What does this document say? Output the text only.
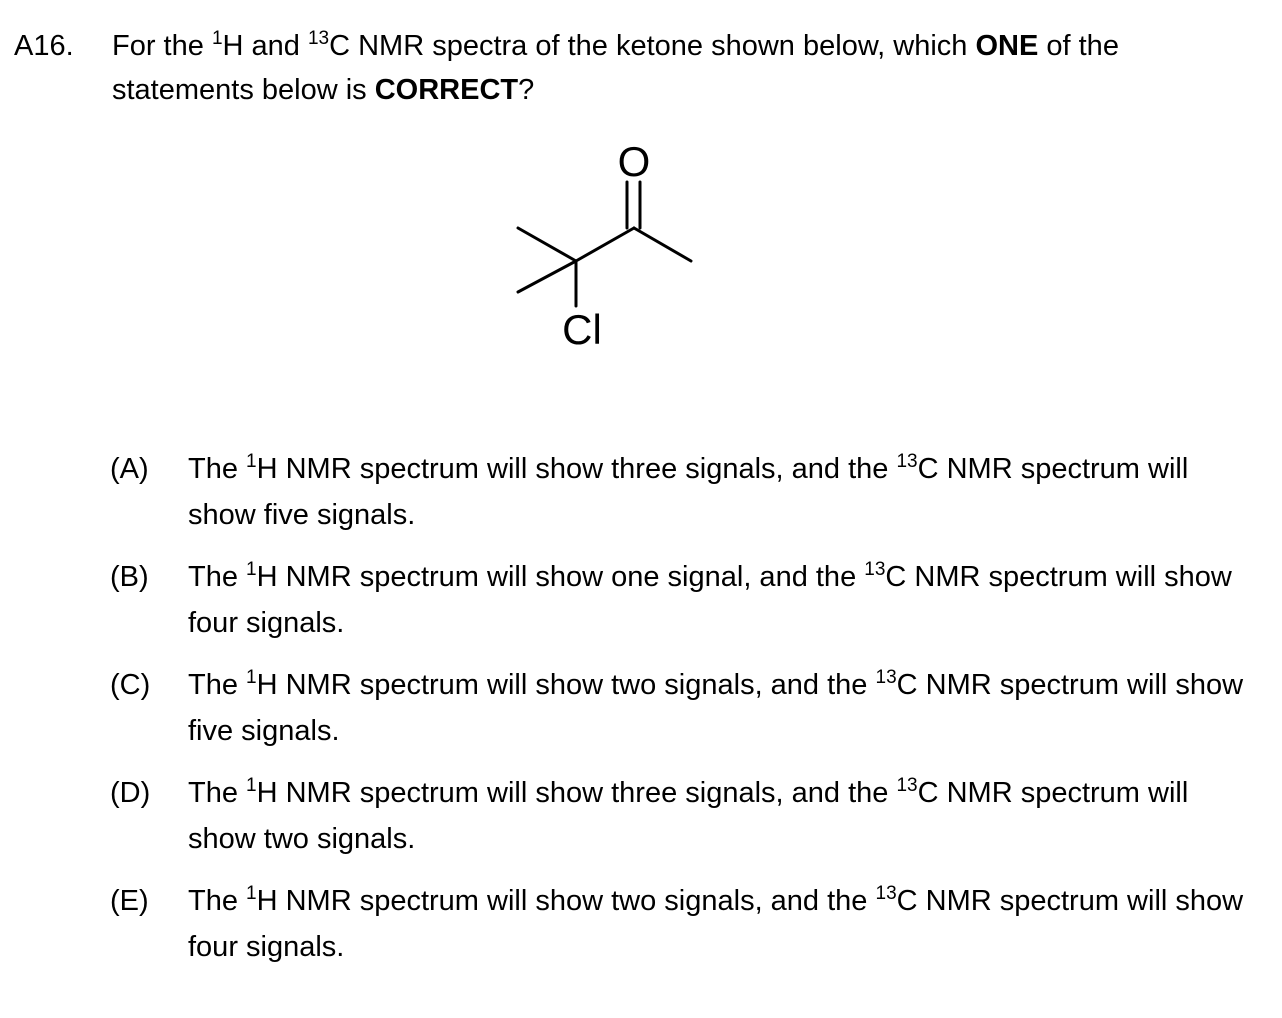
A16. For the $^1$H and $^{13}$C NMR spectra of the ketone shown below, which ONE of the statements below is CORRECT?
O
Cl
(A) The $^1$H NMR spectrum will show three signals, and the $^{13}$C NMR spectrum will show five signals.
(B) The $^1$H NMR spectrum will show one signal, and the $^{13}$C NMR spectrum will show four signals.
(C) The $^1$H NMR spectrum will show two signals, and the $^{13}$C NMR spectrum will show five signals.
(D) The $^1$H NMR spectrum will show three signals, and the $^{13}$C NMR spectrum will show two signals.
(E) The $^1$H NMR spectrum will show two signals, and the $^{13}$C NMR spectrum will show four signals.
